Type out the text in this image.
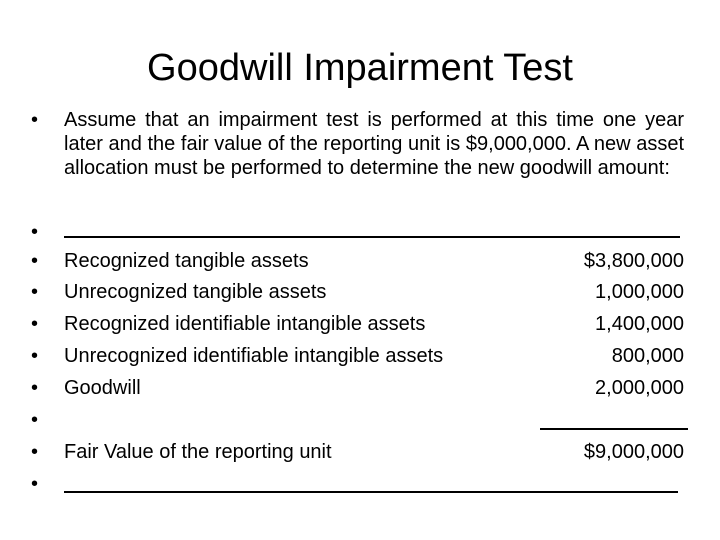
Goodwill Impairment Test
• Assume that an impairment test is performed at this time one year later and the fair value of the reporting unit is $9,000,000. A new asset allocation must be performed to determine the new goodwill amount:
•
• Recognized tangible assets	$3,800,000
• Unrecognized tangible assets	1,000,000
• Recognized identifiable intangible assets	1,400,000
• Unrecognized identifiable intangible assets	800,000
• Goodwill	2,000,000
•
• Fair Value of the reporting unit	$9,000,000
•
